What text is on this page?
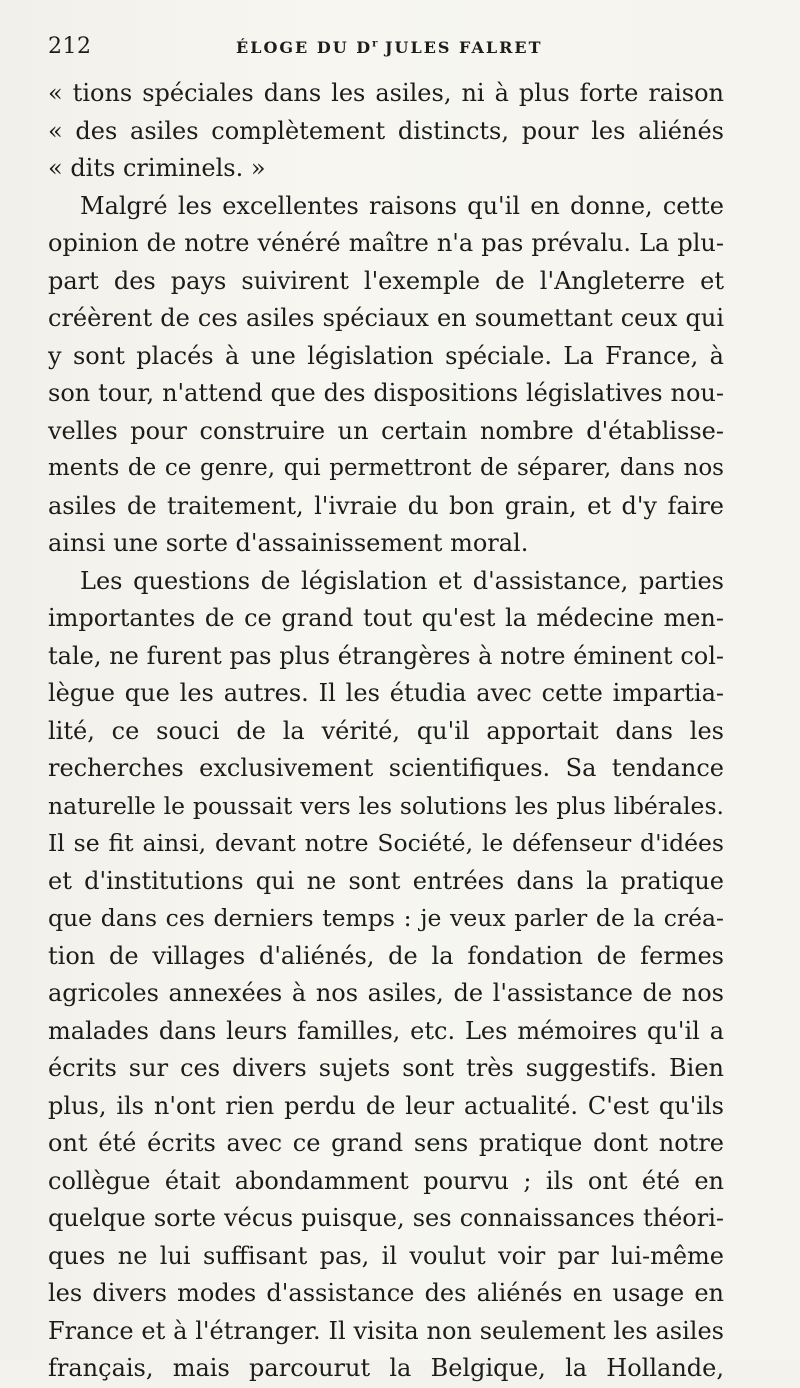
212	ÉLOGE DU $D^r$ JULES FALRET
« tions spéciales dans les asiles, ni à plus forte raison
« des asiles complètement distincts, pour les aliénés
« dits criminels. »
Malgré les excellentes raisons qu'il en donne, cette
opinion de notre vénéré maître n'a pas prévalu. La plu-
part des pays suivirent l'exemple de l'Angleterre et
créèrent de ces asiles spéciaux en soumettant ceux qui
y sont placés à une législation spéciale. La France, à
son tour, n'attend que des dispositions législatives nou-
velles pour construire un certain nombre d'établisse-
ments de ce genre, qui permettront de séparer, dans nos
asiles de traitement, l'ivraie du bon grain, et d'y faire
ainsi une sorte d'assainissement moral.
Les questions de législation et d'assistance, parties
importantes de ce grand tout qu'est la médecine men-
tale, ne furent pas plus étrangères à notre éminent col-
lègue que les autres. Il les étudia avec cette impartia-
lité, ce souci de la vérité, qu'il apportait dans les
recherches exclusivement scientifiques. Sa tendance
naturelle le poussait vers les solutions les plus libérales.
Il se fit ainsi, devant notre Société, le défenseur d'idées
et d'institutions qui ne sont entrées dans la pratique
que dans ces derniers temps : je veux parler de la créa-
tion de villages d'aliénés, de la fondation de fermes
agricoles annexées à nos asiles, de l'assistance de nos
malades dans leurs familles, etc. Les mémoires qu'il a
écrits sur ces divers sujets sont très suggestifs. Bien
plus, ils n'ont rien perdu de leur actualité. C'est qu'ils
ont été écrits avec ce grand sens pratique dont notre
collègue était abondamment pourvu ; ils ont été en
quelque sorte vécus puisque, ses connaissances théori-
ques ne lui suffisant pas, il voulut voir par lui-même
les divers modes d'assistance des aliénés en usage en
France et à l'étranger. Il visita non seulement les asiles
français, mais parcourut la Belgique, la Hollande,
